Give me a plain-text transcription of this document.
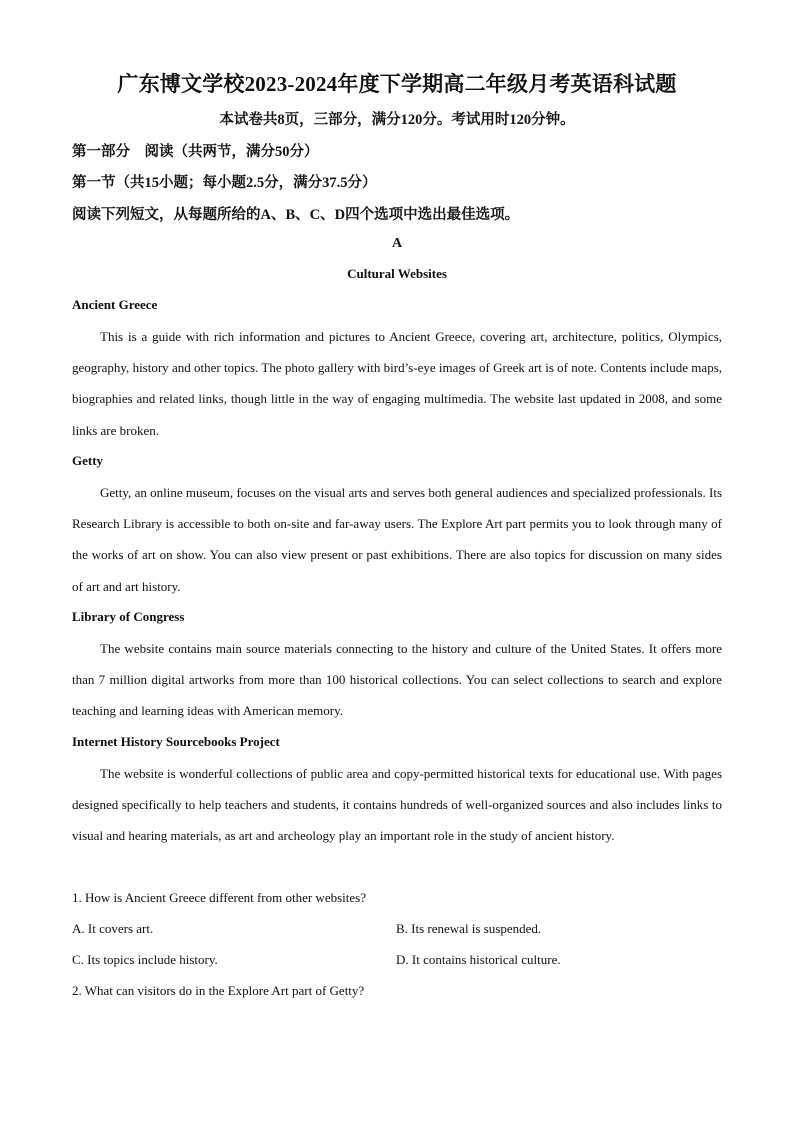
广东博文学校2023-2024年度下学期高二年级月考英语科试题
本试卷共8页，三部分，满分120分。考试用时120分钟。
第一部分　阅读（共两节，满分50分）
第一节（共15小题；每小题2.5分，满分37.5分）
阅读下列短文，从每题所给的A、B、C、D四个选项中选出最佳选项。
A
Cultural Websites
Ancient Greece

This is a guide with rich information and pictures to Ancient Greece, covering art, architecture, politics, Olympics, geography, history and other topics. The photo gallery with bird’s-eye images of Greek art is of note. Contents include maps, biographies and related links, though little in the way of engaging multimedia. The website last updated in 2008, and some links are broken.

Getty

Getty, an online museum, focuses on the visual arts and serves both general audiences and specialized professionals. Its Research Library is accessible to both on-site and far-away users. The Explore Art part permits you to look through many of the works of art on show. You can also view present or past exhibitions. There are also topics for discussion on many sides of art and art history.

Library of Congress

The website contains main source materials connecting to the history and culture of the United States. It offers more than 7 million digital artworks from more than 100 historical collections. You can select collections to search and explore teaching and learning ideas with American memory.

Internet History Sourcebooks Project

The website is wonderful collections of public area and copy-permitted historical texts for educational use. With pages designed specifically to help teachers and students, it contains hundreds of well-organized sources and also includes links to visual and hearing materials, as art and archeology play an important role in the study of ancient history.

1. How is Ancient Greece different from other websites?
A. It covers art.	B. Its renewal is suspended.
C. Its topics include history.	D. It contains historical culture.
2. What can visitors do in the Explore Art part of Getty?
